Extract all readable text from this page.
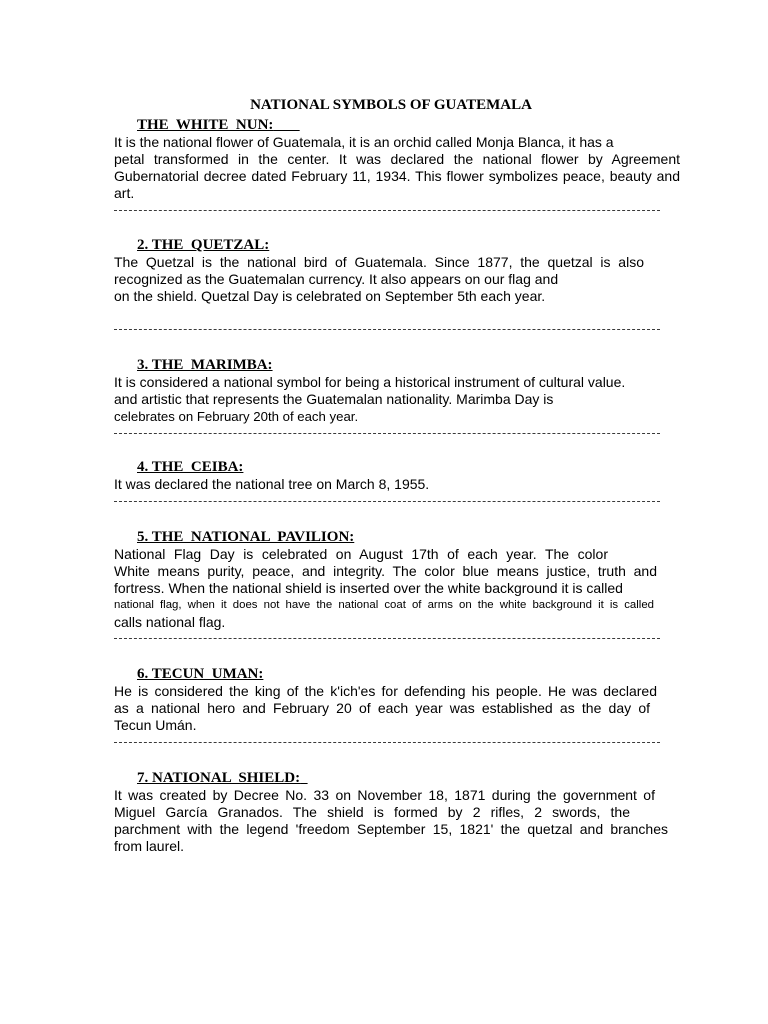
NATIONAL SYMBOLS OF GUATEMALA
THE  WHITE  NUN:
It is the national flower of Guatemala, it is an orchid called Monja Blanca, it has a
petal transformed in the center. It was declared the national flower by Agreement
Gubernatorial decree dated February 11, 1934. This flower symbolizes peace, beauty and
art.
2. THE  QUETZAL:
The Quetzal is the national bird of Guatemala. Since 1877, the quetzal is also
recognized as the Guatemalan currency. It also appears on our flag and
on the shield. Quetzal Day is celebrated on September 5th each year.
3. THE  MARIMBA:
It is considered a national symbol for being a historical instrument of cultural value.
and artistic that represents the Guatemalan nationality. Marimba Day is
celebrates on February 20th of each year.
4. THE  CEIBA:
It was declared the national tree on March 8, 1955.
5. THE  NATIONAL  PAVILION:
National Flag Day is celebrated on August 17th of each year. The color
White means purity, peace, and integrity. The color blue means justice, truth and
fortress. When the national shield is inserted over the white background it is called
national flag, when it does not have the national coat of arms on the white background it is called
calls national flag.
6. TECUN  UMAN:
He is considered the king of the k'ich'es for defending his people. He was declared
as a national hero and February 20 of each year was established as the day of
Tecun Umán.
7. NATIONAL  SHIELD:
It was created by Decree No. 33 on November 18, 1871 during the government of
Miguel García Granados. The shield is formed by 2 rifles, 2 swords, the
parchment with the legend 'freedom September 15, 1821' the quetzal and branches
from laurel.
